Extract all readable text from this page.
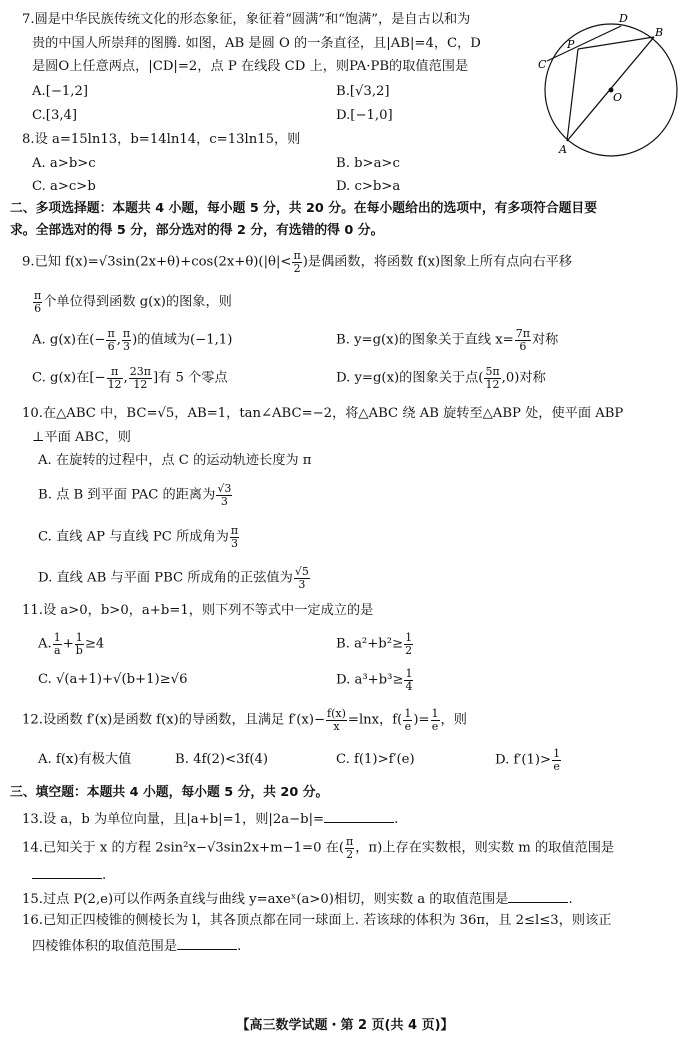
7.圆是中华民族传统文化的形态象征，象征着“圆满”和“饱满”，是自古以和为
贵的中国人所崇拜的图腾. 如图，AB 是圆 O 的一条直径，且|AB|=4，C，D
是圆O上任意两点，|CD|=2，点 P 在线段 CD 上，则PA·PB的取值范围是
A.[−1,2]	B.[√3,2]
C.[3,4]	D.[−1,0]
D
B
P
C
O
A
8.设 a=15ln13，b=14ln14，c=13ln15，则
A. a>b>c	B. b>a>c
C. a>c>b	D. c>b>a
二、多项选择题：本题共 4 小题，每小题 5 分，共 20 分。在每小题给出的选项中，有多项符合题目要
求。全部选对的得 5 分，部分选对的得 2 分，有选错的得 0 分。
9.已知 $f(x)=√3\sin(2x+\theta)+\cos(2x+\theta)(|\theta|< \frac{\pi}{2}$ )是偶函数，将函数 f(x)图象上所有点向右平移
$\frac{\pi}{6}$ 个单位得到函数 g(x)的图象，则
A. g(x)在(− $\frac{\pi}{6}$ , $\frac{\pi}{3}$ )的值域为(−1,1)	B. y=g(x)的图象关于直线 $x= \frac{7\pi}{6}$ 对称
C. g(x)在[− $\frac{\pi}{12}$ , $\frac{23\pi}{12}$ ]有 5 个零点	D. y=g(x)的图象关于点( $\frac{5\pi}{12} ,0$)对称
10.在△ABC 中，BC=√5，AB=1，tan∠ABC=−2，将△ABC 绕 AB 旋转至△ABP 处，使平面 ABP
⊥平面 ABC，则
A. 在旋转的过程中，点 C 的运动轨迹长度为 π
B. 点 B 到平面 PAC 的距离为 $\frac{√3}{3}$
C. 直线 AP 与直线 PC 所成角为 $\frac{\pi}{3}$
D. 直线 AB 与平面 PBC 所成角的正弦值为 $\frac{√5}{3}$
11.设 a>0，b>0，a+b=1，则下列不等式中一定成立的是
A. $\frac{1}{a} + \frac{1}{b} \ge 4$	B. $a^2+b^2\ge \frac{1}{2}$
C. √(a+1)+√(b+1)≥√6	D. $a^3+b^3\ge \frac{1}{4}$
12.设函数 f′(x)是函数 f(x)的导函数，且满足 $f'(x)- \frac{f(x)}{x} =\ln x$，$f( \frac{1}{e}$ )= $\frac{1}{e}$ ，则
A. f(x)有极大值	B. 4f(2)<3f(4)	C. f(1)>f′(e)	D. $f'(1)> \frac{1}{e}$
三、填空题：本题共 4 小题，每小题 5 分，共 20 分。
13.设 a，b 为单位向量，且|a+b|=1，则|2a−b|=	.
14.已知关于 x 的方程 2sin²x−√3sin2x+m−1=0 在( $\frac{\pi}{2}$ ，π)上存在实数根，则实数 m 的取值范围是
.
15.过点 P(2,e)可以作两条直线与曲线 y=axeˣ(a>0)相切，则实数 a 的取值范围是	.
16.已知正四棱锥的侧棱长为 l，其各顶点都在同一球面上. 若该球的体积为 36π，且 2≤l≤3，则该正
四棱锥体积的取值范围是	.
【高三数学试题・第 2 页(共 4 页)】
